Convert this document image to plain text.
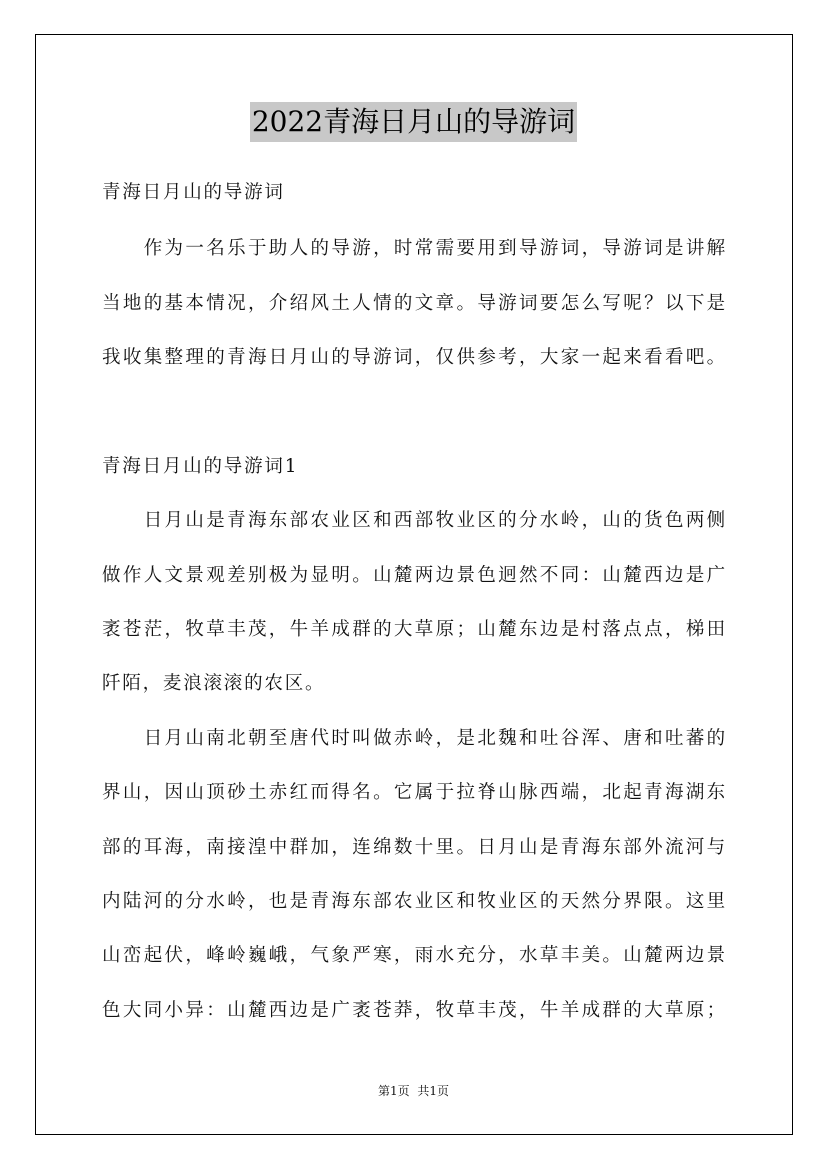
2022青海日月山的导游词
青海日月山的导游词
　　作为一名乐于助人的导游，时常需要用到导游词，导游词是讲解
当地的基本情况，介绍风土人情的文章。导游词要怎么写呢？以下是
我收集整理的青海日月山的导游词，仅供参考，大家一起来看看吧。
青海日月山的导游词1
　　日月山是青海东部农业区和西部牧业区的分水岭，山的货色两侧
做作人文景观差别极为显明。山麓两边景色迥然不同：山麓西边是广
袤苍茫，牧草丰茂，牛羊成群的大草原；山麓东边是村落点点，梯田
阡陌，麦浪滚滚的农区。
　　日月山南北朝至唐代时叫做赤岭，是北魏和吐谷浑、唐和吐蕃的
界山，因山顶砂土赤红而得名。它属于拉脊山脉西端，北起青海湖东
部的耳海，南接湟中群加，连绵数十里。日月山是青海东部外流河与
内陆河的分水岭，也是青海东部农业区和牧业区的天然分界限。这里
山峦起伏，峰岭巍峨，气象严寒，雨水充分，水草丰美。山麓两边景
色大同小异：山麓西边是广袤苍莽，牧草丰茂，牛羊成群的大草原；
第1页 共1页
